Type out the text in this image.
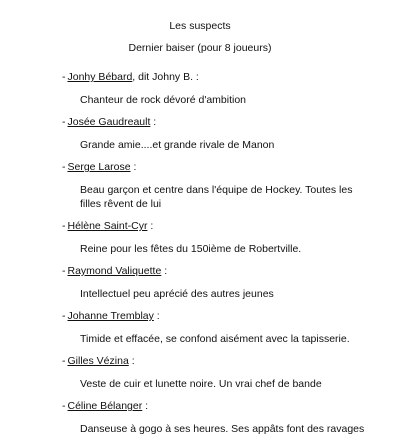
Les suspects
Dernier baiser (pour 8 joueurs)
- Jonhy Bébard, dit Johny B. :
Chanteur de rock dévoré d'ambition
- Josée Gaudreault :
Grande amie....et grande rivale de Manon
- Serge Larose :
Beau garçon et centre dans l'équipe de Hockey. Toutes les filles rêvent de lui
- Hélène Saint-Cyr :
Reine pour les fêtes du 150ième de Robertville.
- Raymond Valiquette :
Intellectuel peu aprécié des autres jeunes
- Johanne Tremblay :
Timide et effacée, se confond aisément avec la tapisserie.
- Gilles Vézina :
Veste de cuir et lunette noire. Un vrai chef de bande
- Céline Bélanger :
Danseuse à gogo à ses heures. Ses appâts font des ravages
